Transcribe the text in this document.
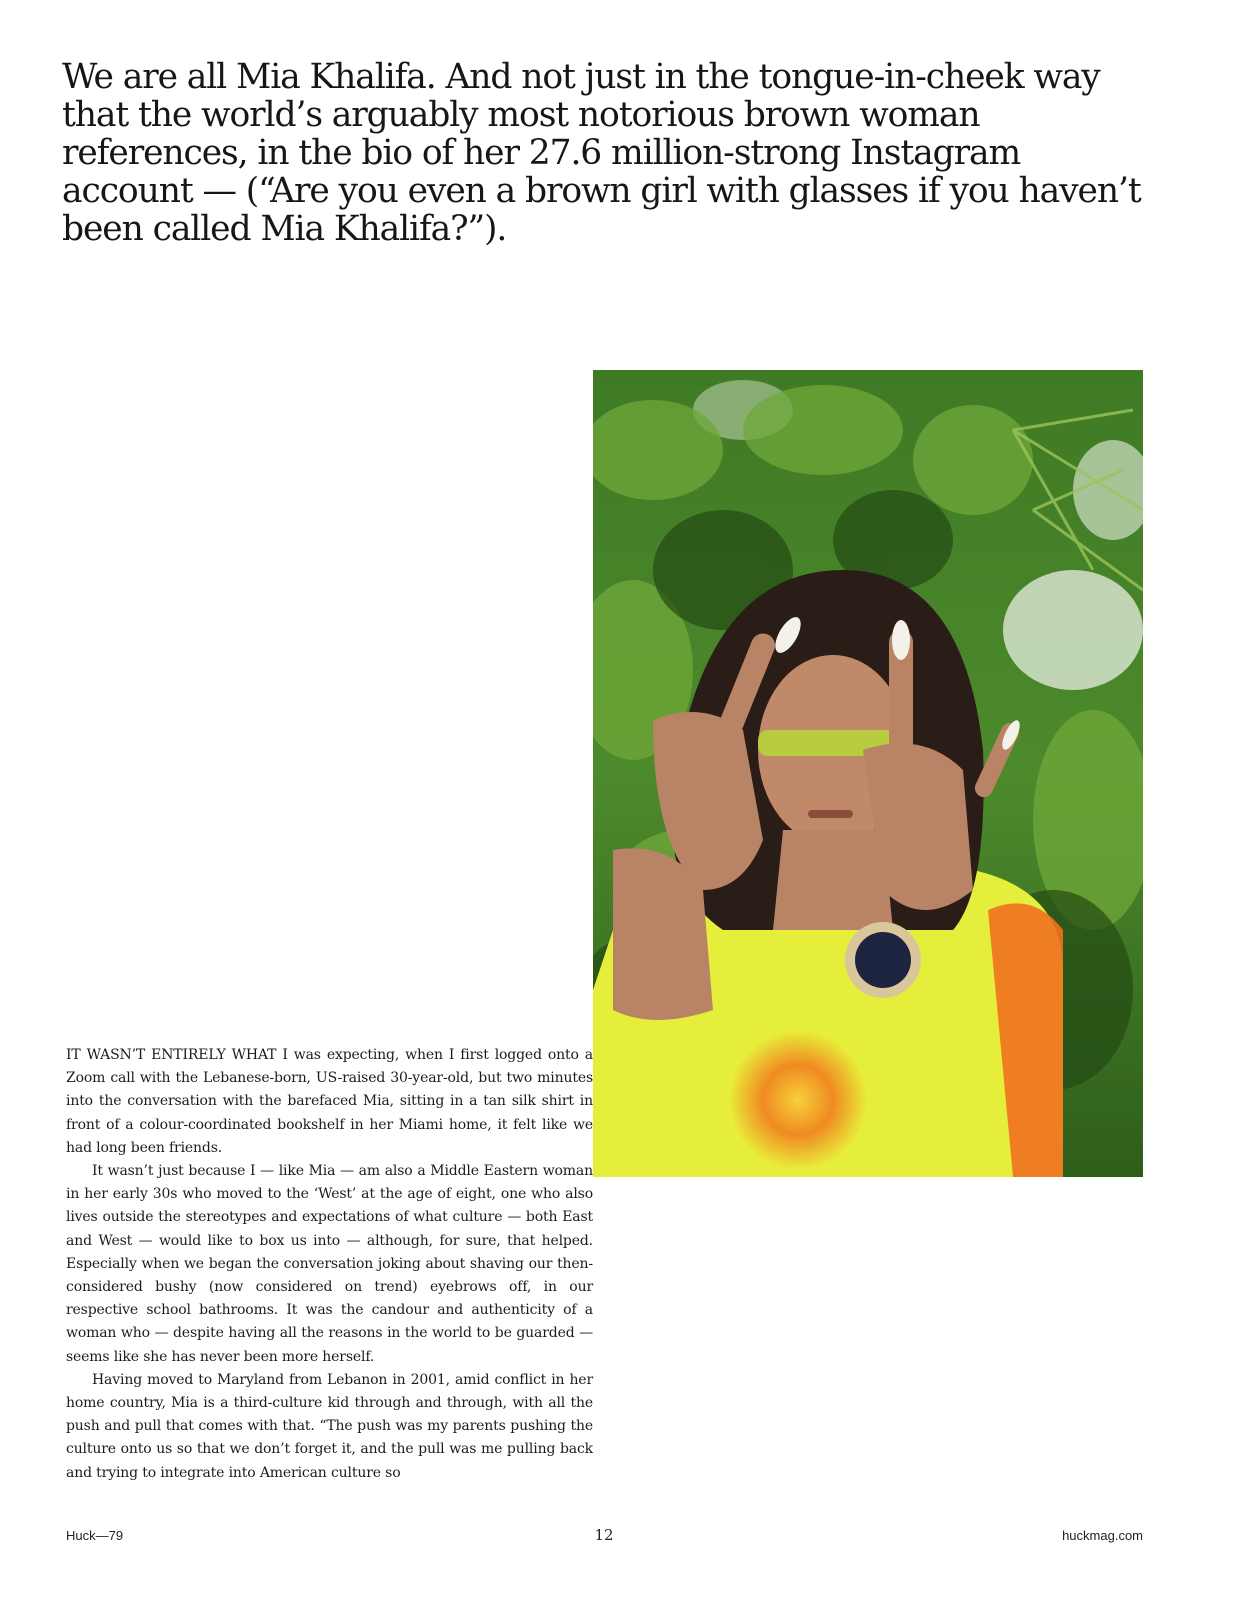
We are all Mia Khalifa. And not just in the tongue-in-cheek way that the world’s arguably most notorious brown woman references, in the bio of her 27.6 million-strong Instagram account — (“Are you even a brown girl with glasses if you haven’t been called Mia Khalifa?”).

IT WASN’T ENTIRELY WHAT I was expecting, when I first logged onto a Zoom call with the Lebanese-born, US-raised 30-year-old, but two minutes into the conversation with the barefaced Mia, sitting in a tan silk shirt in front of a colour-coordinated bookshelf in her Miami home, it felt like we had long been friends.

It wasn’t just because I — like Mia — am also a Middle Eastern woman in her early 30s who moved to the ‘West’ at the age of eight, one who also lives outside the stereotypes and expectations of what culture — both East and West — would like to box us into — although, for sure, that helped. Especially when we began the conversation joking about shaving our then-considered bushy (now considered on trend) eyebrows off, in our respective school bathrooms. It was the candour and authenticity of a woman who — despite having all the reasons in the world to be guarded — seems like she has never been more herself.

Having moved to Maryland from Lebanon in 2001, amid conflict in her home country, Mia is a third-culture kid through and through, with all the push and pull that comes with that. “The push was my parents pushing the culture onto us so that we don’t forget it, and the pull was me pulling back and trying to integrate into American culture so

Huck—79	12	huckmag.com
